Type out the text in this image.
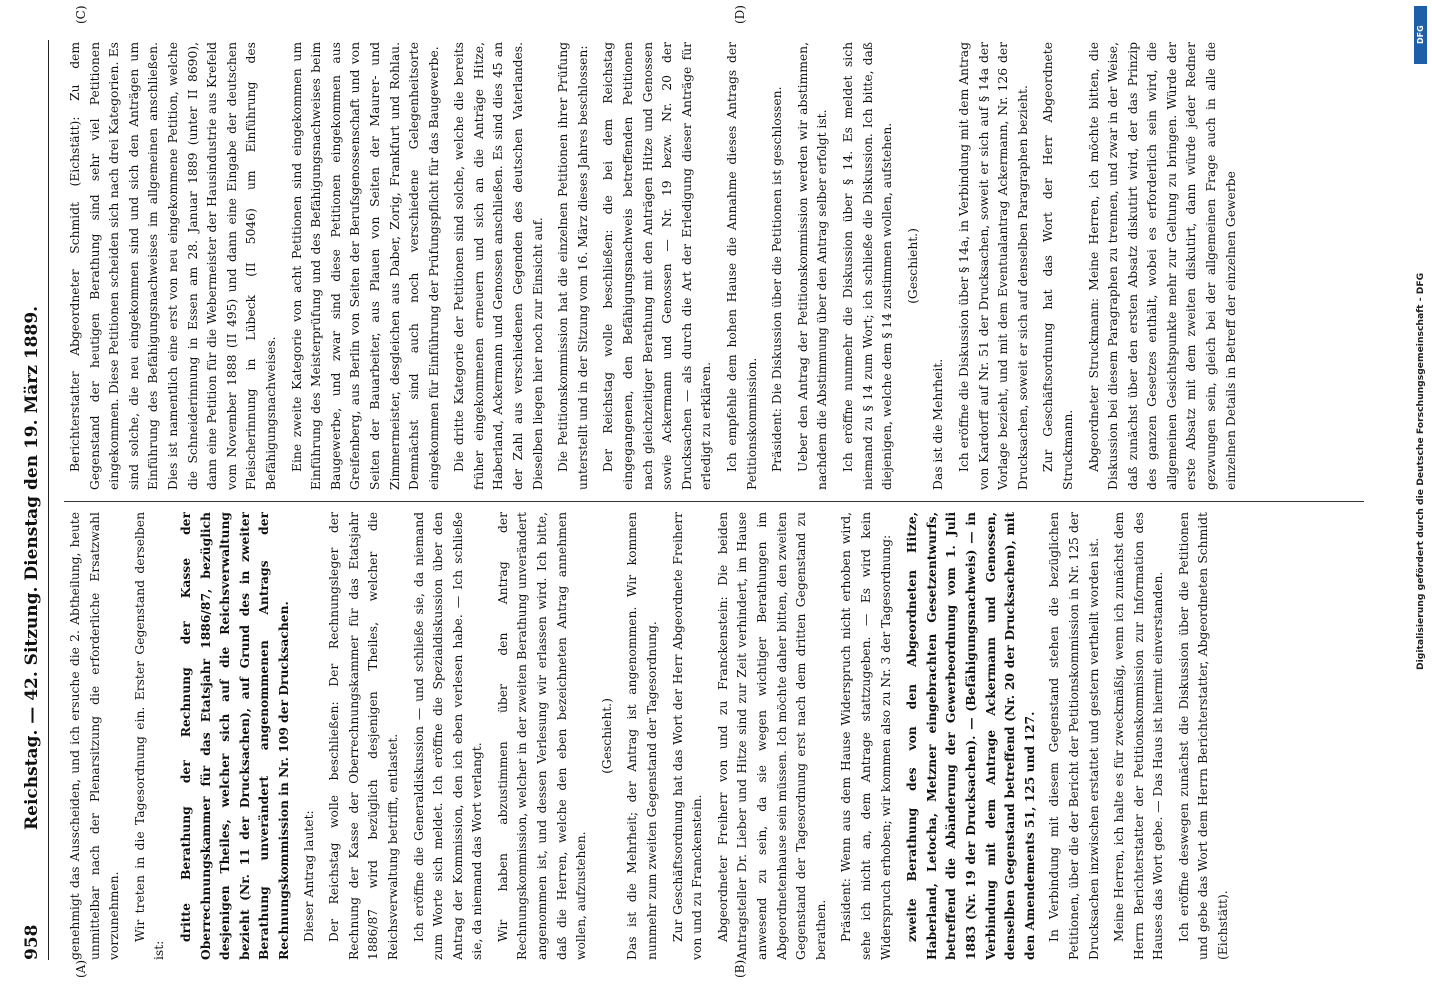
958
Reichstag. — 42. Sitzung. Dienstag den 19. März 1889.
(A)	(B)
(C)	(D)

genehmigt das Ausscheiden, und ich ersuche die 2. Abtheilung, heute unmittelbar nach der Plenarsitzung die erforderliche Ersatzwahl vorzunehmen. Wir treten in die Tagesordnung ein. Erster Gegenstand derselben ist:

dritte Berathung der Rechnung der Kasse der Oberrechnungskammer für das Etatsjahr 1886/87, bezüglich desjenigen Theiles, welcher sich auf die Reichsverwaltung bezieht (Nr. 11 der Drucksachen), auf Grund des in zweiter Berathung unverändert angenommenen Antrags der Rechnungskommission in Nr. 109 der Drucksachen. Dieser Antrag lautet: Der Reichstag wolle beschließen: Der Rechnungsleger der Rechnung der Kasse der Oberrechnungskammer für das Etatsjahr 1886/87 wird bezüglich desjenigen Theiles, welcher die Reichsverwaltung betrifft, entlastet. Ich eröffne die Generaldiskussion — und schließe sie, da niemand zum Worte sich meldet. Ich eröffne die Spezialdiskussion über den Antrag der Kommission, den ich eben verlesen habe. — Ich schließe sie, da niemand das Wort verlangt. Wir haben abzustimmen über den Antrag der Rechnungskommission, welcher in der zweiten Berathung unverändert angenommen ist, und dessen Verlesung wir erlassen wird. Ich bitte, daß die Herren, welche den eben bezeichneten Antrag annehmen wollen, aufzustehen.

(Geschieht.) Das ist die Mehrheit; der Antrag ist angenommen. Wir kommen nunmehr zum zweiten Gegenstand der Tagesordnung. Zur Geschäftsordnung hat das Wort der Herr Abgeordnete Freiherr von und zu Franckenstein. Abgeordneter Freiherr von und zu Franckenstein: Die beiden Antragsteller Dr. Lieber und Hitze sind zur Zeit verhindert, im Hause anwesend zu sein, da sie wegen wichtiger Berathungen im Abgeordnetenhause sein müssen. Ich möchte daher bitten, den zweiten Gegenstand der Tagesordnung erst nach dem dritten Gegenstand zu berathen. Präsident: Wenn aus dem Hause Widerspruch nicht erhoben wird, sehe ich nicht an, dem Antrage stattzugeben. — Es wird kein Widerspruch erhoben; wir kommen also zu Nr. 3 der Tagesordnung: zweite Berathung des von den Abgeordneten Hitze, Haberland, Letocha, Metzner eingebrachten Gesetzentwurfs, betreffend die Abänderung der Gewerbeordnung vom 1. Juli 1883 (Nr. 19 der Drucksachen). — (Befähigungsnachweis) — in Verbindung mit dem Antrage Ackermann und Genossen, denselben Gegenstand betreffend (Nr. 20 der Drucksachen), mit den Amendements 51, 125 und 127. In Verbindung mit diesem Gegenstand stehen die bezüglichen Petitionen, über die der Bericht der Petitionskommission in Nr. 125 der Drucksachen inzwischen erstattet und gestern vertheilt worden ist. Meine Herren, ich halte es für zweckmäßig, wenn ich zunächst dem Herrn Berichterstatter der Petitionskommission zur Information des Hauses das Wort gebe. — Das Haus ist hiermit einverstanden. Ich eröffne deswegen zunächst die Diskussion über die Petitionen und gebe das Wort dem Herrn Berichterstatter, Abgeordneten Schmidt (Eichstätt).

Berichterstatter Abgeordneter Schmidt (Eichstätt): Zu dem Gegenstand der heutigen Berathung sind sehr viel Petitionen eingekommen. Diese Petitionen scheiden sich nach drei Kategorien. Es sind solche, die neu eingekommen sind und sich den Anträgen um Einführung des Befähigungsnachweises im allgemeinen anschließen. Dies ist namentlich eine erst von neu eingekommene Petition, welche die Schneiderinnung in Essen am 28. Januar 1889 (unter II 8690), dann eine Petition für die Webermeister der Hausindustrie aus Krefeld vom November 1888 (II 495) und dann eine Eingabe der deutschen Fleischerinnung in Lübeck (II 5046) um Einführung des Befähigungsnachweises. Eine zweite Kategorie von acht Petitionen sind eingekommen um Einführung des Meisterprüfung und des Befähigungsnachweises beim Baugewerbe, und zwar sind diese Petitionen eingekommen aus Greifenberg, aus Berlin von Seiten der Berufsgenossenschaft und von Seiten der Bauarbeiter, aus Plauen von Seiten der Maurer- und Zimmermeister, desgleichen aus Daber, Zorig, Frankfurt und Rohlau. Demnächst sind auch noch verschiedene Gelegenheitsorte eingekommen für Einführung der Prüfungspflicht für das Baugewerbe. Die dritte Kategorie der Petitionen sind solche, welche die bereits früher eingekommenen erneuern und sich an die Anträge Hitze, Haberland, Ackermann und Genossen anschließen. Es sind dies 45 an der Zahl aus verschiedenen Gegenden des deutschen Vaterlandes. Dieselben liegen hier noch zur Einsicht auf. Die Petitionskommission hat die einzelnen Petitionen ihrer Prüfung unterstellt und in der Sitzung vom 16. März dieses Jahres beschlossen: Der Reichstag wolle beschließen: die bei dem Reichstag eingegangenen, den Befähigungsnachweis betreffenden Petitionen nach gleichzeitiger Berathung mit den Anträgen Hitze und Genossen sowie Ackermann und Genossen — Nr. 19 bezw. Nr. 20 der Drucksachen — als durch die Art der Erledigung dieser Anträge für erledigt zu erklären. Ich empfehle dem hohen Hause die Annahme dieses Antrags der Petitionskommission. Präsident: Die Diskussion über die Petitionen ist geschlossen. Ueber den Antrag der Petitionskommission werden wir abstimmen, nachdem die Abstimmung über den Antrag selber erfolgt ist. Ich eröffne nunmehr die Diskussion über § 14. Es meldet sich niemand zu § 14 zum Wort; ich schließe die Diskussion. Ich bitte, daß diejenigen, welche dem § 14 zustimmen wollen, aufstehen. (Geschieht.)

Das ist die Mehrheit. Ich eröffne die Diskussion über § 14a, in Verbindung mit dem Antrag von Kardorff auf Nr. 51 der Drucksachen, soweit er sich auf § 14a der Vorlage bezieht, und mit dem Eventualantrag Ackermann, Nr. 126 der Drucksachen, soweit er sich auf denselben Paragraphen bezieht. Zur Geschäftsordnung hat das Wort der Herr Abgeordnete Struckmann. Abgeordneter Struckmann: Meine Herren, ich möchte bitten, die Diskussion bei diesem Paragraphen zu trennen, und zwar in der Weise, daß zunächst über den ersten Absatz diskutirt wird, der das Prinzip des ganzen Gesetzes enthält, wobei es erforderlich sein wird, die allgemeinen Gesichtspunkte mehr zur Geltung zu bringen. Würde der erste Absatz mit dem zweiten diskutirt, dann würde jeder Redner gezwungen sein, gleich bei der allgemeinen Frage auch in alle die einzelnen Details in Betreff der einzelnen Gewerbe

DFG
Digitalisierung gefördert durch die Deutsche Forschungsgemeinschaft - DFG
